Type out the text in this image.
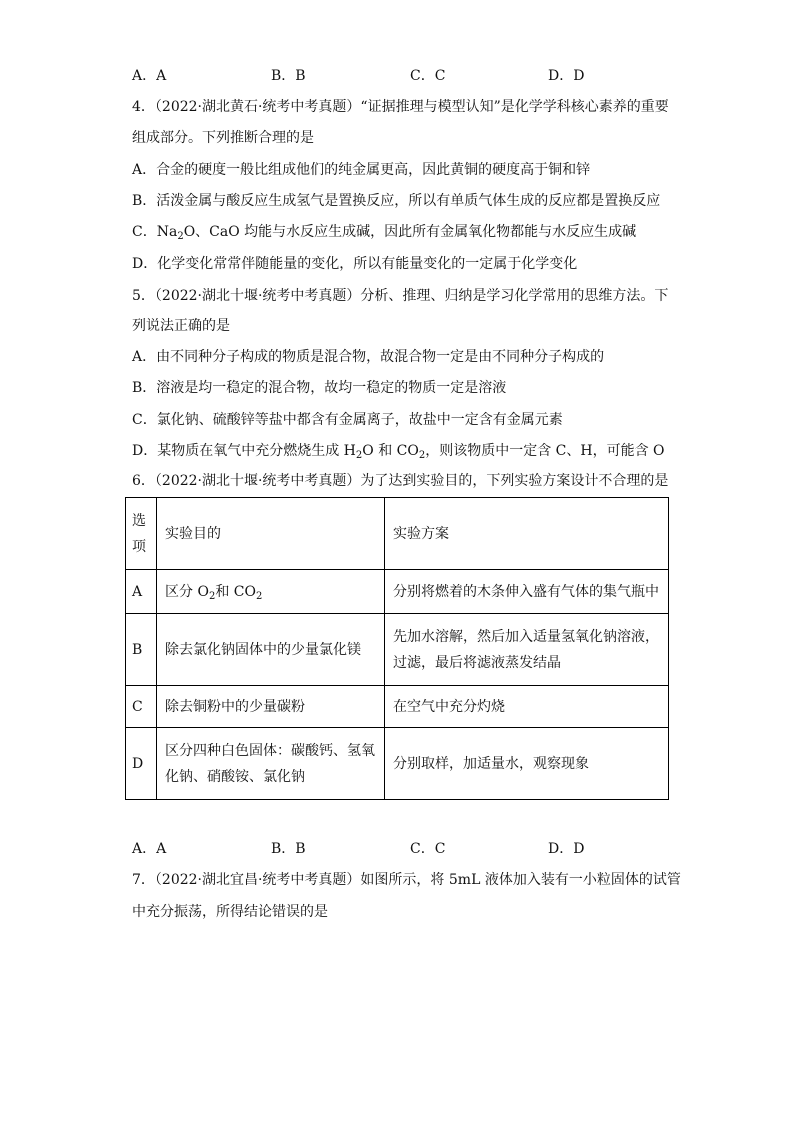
A．A	B．B	C．C	D．D
4．（2022·湖北黄石·统考中考真题）“证据推理与模型认知”是化学学科核心素养的重要
组成部分。下列推断合理的是
A．合金的硬度一般比组成他们的纯金属更高，因此黄铜的硬度高于铜和锌
B．活泼金属与酸反应生成氢气是置换反应，所以有单质气体生成的反应都是置换反应
C．$Na_2O$、CaO 均能与水反应生成碱，因此所有金属氧化物都能与水反应生成碱
D．化学变化常常伴随能量的变化，所以有能量变化的一定属于化学变化
5．（2022·湖北十堰·统考中考真题）分析、推理、归纳是学习化学常用的思维方法。下
列说法正确的是
A．由不同种分子构成的物质是混合物，故混合物一定是由不同种分子构成的
B．溶液是均一稳定的混合物，故均一稳定的物质一定是溶液
C．氯化钠、硫酸锌等盐中都含有金属离子，故盐中一定含有金属元素
D．某物质在氧气中充分燃烧生成 $H_2O$ 和 $CO_2$，则该物质中一定含 C、H，可能含 O
6．（2022·湖北十堰·统考中考真题）为了达到实验目的，下列实验方案设计不合理的是
选
项	实验目的	实验方案
A	区分 $O_2$和 $CO_2$	分别将燃着的木条伸入盛有气体的集气瓶中
B	除去氯化钠固体中的少量氯化镁	先加水溶解，然后加入适量氢氧化钠溶液，
过滤，最后将滤液蒸发结晶

C	除去铜粉中的少量碳粉	在空气中充分灼烧
D	区分四种白色固体：碳酸钙、氢氧
化钠、硝酸铵、氯化钠	分别取样，加适量水，观察现象
A．A	B．B	C．C	D．D
7．（2022·湖北宜昌·统考中考真题）如图所示，将 5mL 液体加入装有一小粒固体的试管
中充分振荡，所得结论错误的是
